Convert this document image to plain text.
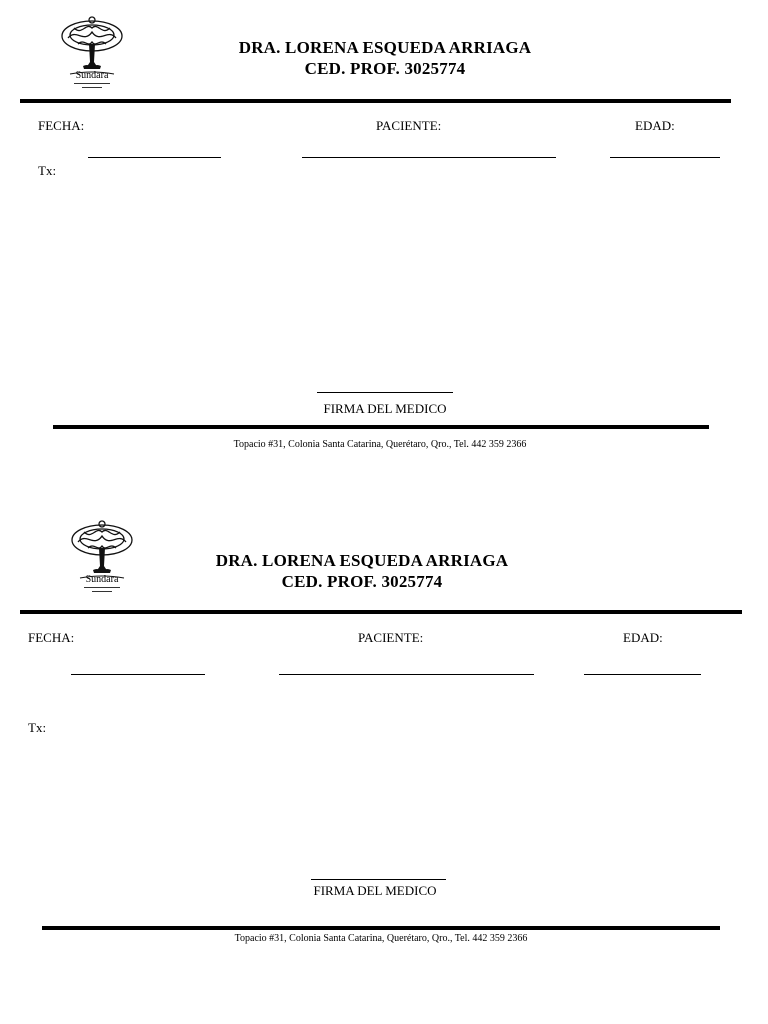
Sundara
DRA. LORENA ESQUEDA ARRIAGA
CED. PROF. 3025774
FECHA:	PACIENTE:	EDAD:
Tx:
FIRMA DEL MEDICO
Topacio #31, Colonia Santa Catarina, Querétaro, Qro., Tel. 442 359 2366
Sundara
DRA. LORENA ESQUEDA ARRIAGA
CED. PROF. 3025774
FECHA:	PACIENTE:	EDAD:
Tx:
FIRMA DEL MEDICO
Topacio #31, Colonia Santa Catarina, Querétaro, Qro., Tel. 442 359 2366
